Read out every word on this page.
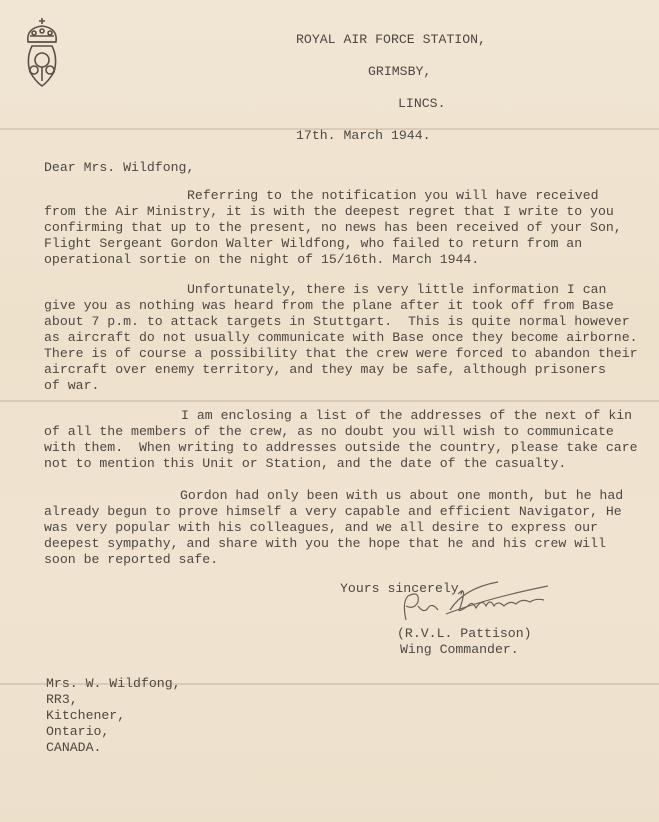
ROYAL AIR FORCE STATION,
GRIMSBY,
LINCS.
17th. March 1944.
Dear Mrs. Wildfong,
Referring to the notification you will have received
from the Air Ministry, it is with the deepest regret that I write to you
confirming that up to the present, no news has been received of your Son,
Flight Sergeant Gordon Walter Wildfong, who failed to return from an
operational sortie on the night of 15/16th. March 1944.
Unfortunately, there is very little information I can
give you as nothing was heard from the plane after it took off from Base
about 7 p.m. to attack targets in Stuttgart.  This is quite normal however
as aircraft do not usually communicate with Base once they become airborne.
There is of course a possibility that the crew were forced to abandon their
aircraft over enemy territory, and they may be safe, although prisoners
of war.
I am enclosing a list of the addresses of the next of kin
of all the members of the crew, as no doubt you will wish to communicate
with them.  When writing to addresses outside the country, please take care
not to mention this Unit or Station, and the date of the casualty.
Gordon had only been with us about one month, but he had
already begun to prove himself a very capable and efficient Navigator, He
was very popular with his colleagues, and we all desire to express our
deepest sympathy, and share with you the hope that he and his crew will
soon be reported safe.
Yours sincerely,
(R.V.L. Pattison)
Wing Commander.
Mrs. W. Wildfong,
RR3,
Kitchener,
Ontario,
CANADA.
